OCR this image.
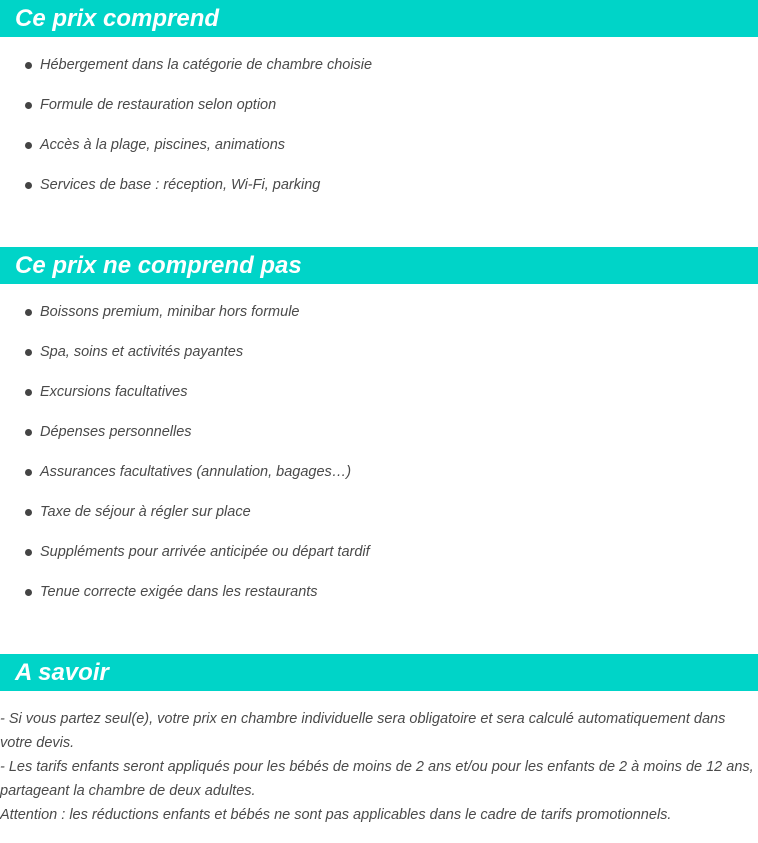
Ce prix comprend
Hébergement dans la catégorie de chambre choisie
Formule de restauration selon option
Accès à la plage, piscines, animations
Services de base : réception, Wi-Fi, parking
Ce prix ne comprend pas
Boissons premium, minibar hors formule
Spa, soins et activités payantes
Excursions facultatives
Dépenses personnelles
Assurances facultatives (annulation, bagages…)
Taxe de séjour à régler sur place
Suppléments pour arrivée anticipée ou départ tardif
Tenue correcte exigée dans les restaurants
A savoir

- Si vous partez seul(e), votre prix en chambre individuelle sera obligatoire et sera calculé automatiquement dans votre devis.

- Les tarifs enfants seront appliqués pour les bébés de moins de 2 ans et/ou pour les enfants de 2 à moins de 12 ans, partageant la chambre de deux adultes.

Attention : les réductions enfants et bébés ne sont pas applicables dans le cadre de tarifs promotionnels.
